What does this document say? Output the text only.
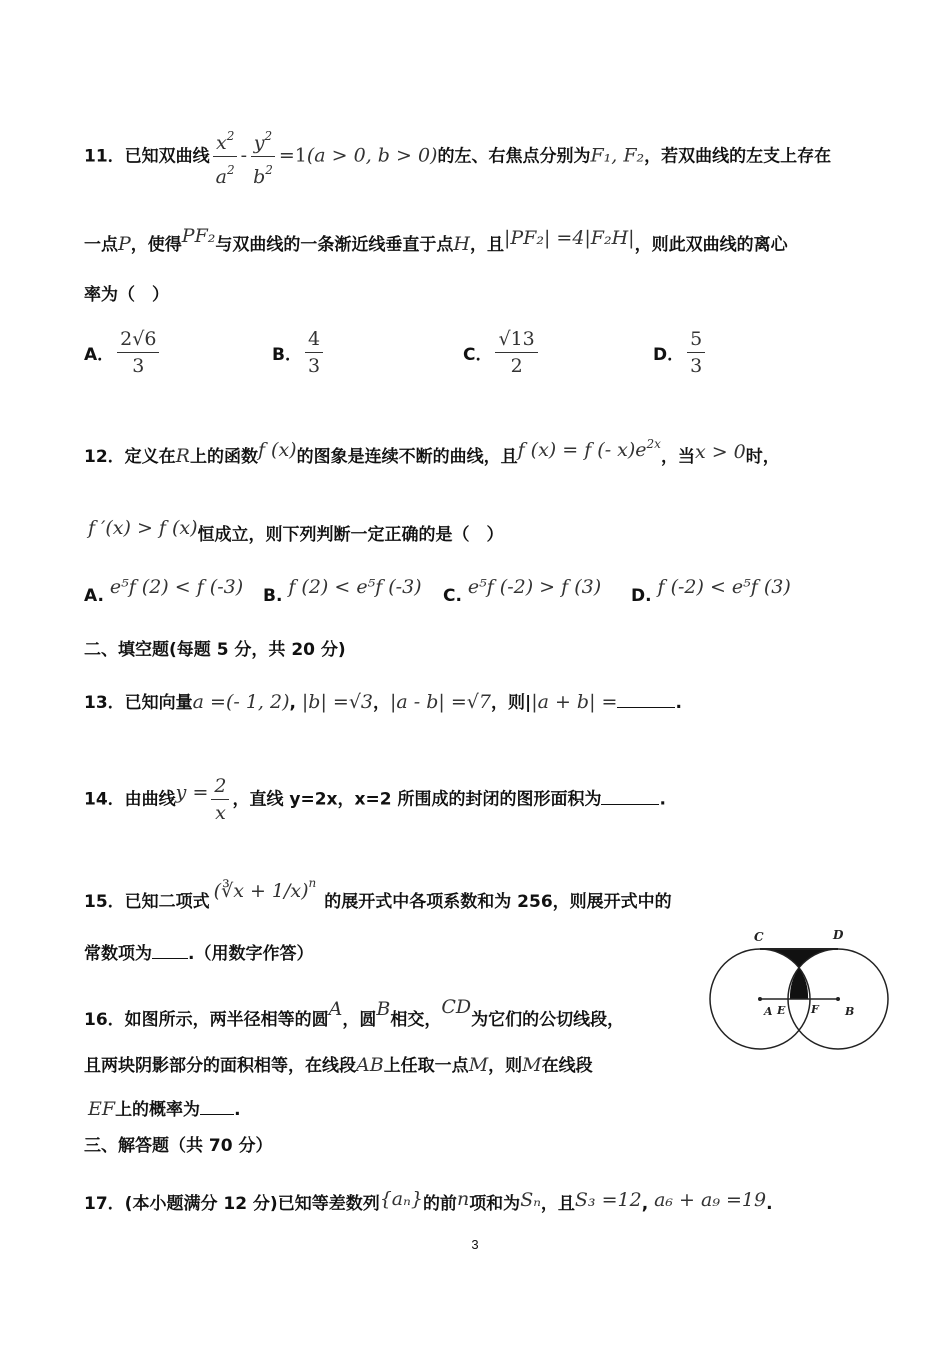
11．已知双曲线 $\frac{x^2}{a^2} - \frac{y^2}{b^2} =1(a > 0$, b > 0)的左、右焦点分别为F₁, F₂，若双曲线的左支上存在
一点P，使得PF₂与双曲线的一条渐近线垂直于点H，且|PF₂| =4|F₂H|，则此双曲线的离心
率为（　）
A． $\frac{2√6}{3}$	B． $\frac{4}{3}$	C． $\frac{√13}{2}$	D． $\frac{5}{3}$
12．定义在R上的函数f (x)的图象是连续不断的曲线，且f (x) = f (- $x)e^{2x}$，当x > 0时，
f ′(x) > f (x)恒成立，则下列判断一定正确的是（　）
A. e⁵f (2) < f (-3) B. f (2) < e⁵f (-3) C. e⁵f (-2) > f (3) D. f (-2) < e⁵f (3)
二、填空题(每题 5 分，共 20 分)
13．已知向量a =(- 1, 2), |b| =√3，|a - b| =√7，则||a + b| =	.
14．由曲线$y = \frac{2}{x}$ ，直线 y=2x，x=2 所围成的封闭的图形面积为	.
15．已知二项式 (∛x + 1/x)$^n$的展开式中各项系数和为 256，则展开式中的
常数项为 .（用数字作答）
16．如图所示，两半径相等的圆A，圆B相交，CD为它们的公切线段，
且两块阴影部分的面积相等，在线段AB上任取一点M，则M在线段
EF上的概率为 .
C	D
A E F B
三、解答题（共 70 分）
17．(本小题满分 12 分)已知等差数列{aₙ}的前n项和为Sₙ，且S₃ =12, a₆ + a₉ =19.
3
